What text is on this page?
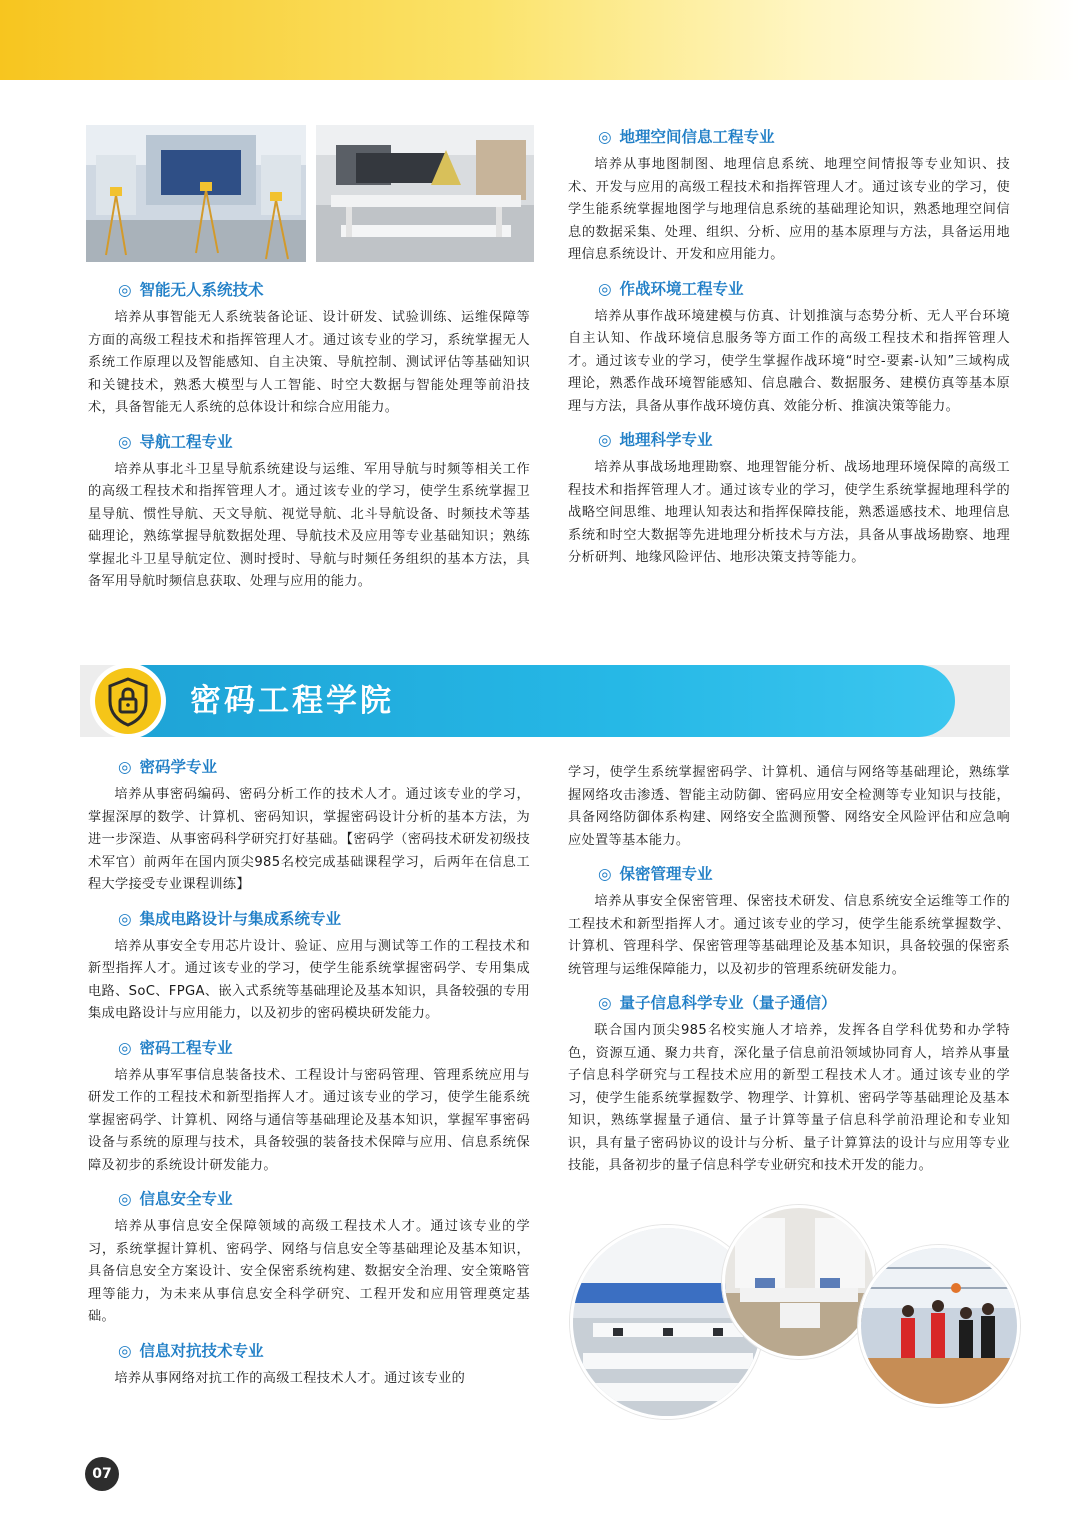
◎ 智能无人系统技术

培养从事智能无人系统装备论证、设计研发、试验训练、运维保障等方面的高级工程技术和指挥管理人才。通过该专业的学习，系统掌握无人系统工作原理以及智能感知、自主决策、导航控制、测试评估等基础知识和关键技术，熟悉大模型与人工智能、时空大数据与智能处理等前沿技术，具备智能无人系统的总体设计和综合应用能力。

◎ 导航工程专业

培养从事北斗卫星导航系统建设与运维、军用导航与时频等相关工作的高级工程技术和指挥管理人才。通过该专业的学习，使学生系统掌握卫星导航、惯性导航、天文导航、视觉导航、北斗导航设备、时频技术等基础理论，熟练掌握导航数据处理、导航技术及应用等专业基础知识；熟练掌握北斗卫星导航定位、测时授时、导航与时频任务组织的基本方法，具备军用导航时频信息获取、处理与应用的能力。

◎ 地理空间信息工程专业

培养从事地图制图、地理信息系统、地理空间情报等专业知识、技术、开发与应用的高级工程技术和指挥管理人才。通过该专业的学习，使学生能系统掌握地图学与地理信息系统的基础理论知识，熟悉地理空间信息的数据采集、处理、组织、分析、应用的基本原理与方法，具备运用地理信息系统设计、开发和应用能力。

◎ 作战环境工程专业

培养从事作战环境建模与仿真、计划推演与态势分析、无人平台环境自主认知、作战环境信息服务等方面工作的高级工程技术和指挥管理人才。通过该专业的学习，使学生掌握作战环境“时空-要素-认知”三域构成理论，熟悉作战环境智能感知、信息融合、数据服务、建模仿真等基本原理与方法，具备从事作战环境仿真、效能分析、推演决策等能力。

◎ 地理科学专业

培养从事战场地理勘察、地理智能分析、战场地理环境保障的高级工程技术和指挥管理人才。通过该专业的学习，使学生系统掌握地理科学的战略空间思维、地理认知表达和指挥保障技能，熟悉遥感技术、地理信息系统和时空大数据等先进地理分析技术与方法，具备从事战场勘察、地理分析研判、地缘风险评估、地形决策支持等能力。

密码工程学院
◎ 密码学专业

培养从事密码编码、密码分析工作的技术人才。通过该专业的学习，掌握深厚的数学、计算机、密码知识，掌握密码设计分析的基本方法，为进一步深造、从事密码科学研究打好基础。【密码学（密码技术研发初级技术军官）前两年在国内顶尖985名校完成基础课程学习，后两年在信息工程大学接受专业课程训练】

◎ 集成电路设计与集成系统专业

培养从事安全专用芯片设计、验证、应用与测试等工作的工程技术和新型指挥人才。通过该专业的学习，使学生能系统掌握密码学、专用集成电路、SoC、FPGA、嵌入式系统等基础理论及基本知识，具备较强的专用集成电路设计与应用能力，以及初步的密码模块研发能力。

◎ 密码工程专业

培养从事军事信息装备技术、工程设计与密码管理、管理系统应用与研发工作的工程技术和新型指挥人才。通过该专业的学习，使学生能系统掌握密码学、计算机、网络与通信等基础理论及基本知识，掌握军事密码设备与系统的原理与技术，具备较强的装备技术保障与应用、信息系统保障及初步的系统设计研发能力。

◎ 信息安全专业

培养从事信息安全保障领域的高级工程技术人才。通过该专业的学习，系统掌握计算机、密码学、网络与信息安全等基础理论及基本知识，具备信息安全方案设计、安全保密系统构建、数据安全治理、安全策略管理等能力，为未来从事信息安全科学研究、工程开发和应用管理奠定基础。

◎ 信息对抗技术专业

培养从事网络对抗工作的高级工程技术人才。通过该专业的

学习，使学生系统掌握密码学、计算机、通信与网络等基础理论，熟练掌握网络攻击渗透、智能主动防御、密码应用安全检测等专业知识与技能，具备网络防御体系构建、网络安全监测预警、网络安全风险评估和应急响应处置等基本能力。

◎ 保密管理专业

培养从事安全保密管理、保密技术研发、信息系统安全运维等工作的工程技术和新型指挥人才。通过该专业的学习，使学生能系统掌握数学、计算机、管理科学、保密管理等基础理论及基本知识，具备较强的保密系统管理与运维保障能力，以及初步的管理系统研发能力。

◎ 量子信息科学专业（量子通信）

联合国内顶尖985名校实施人才培养，发挥各自学科优势和办学特色，资源互通、聚力共育，深化量子信息前沿领域协同育人，培养从事量子信息科学研究与工程技术应用的新型工程技术人才。通过该专业的学习，使学生能系统掌握数学、物理学、计算机、密码学等基础理论及基本知识，熟练掌握量子通信、量子计算等量子信息科学前沿理论和专业知识，具有量子密码协议的设计与分析、量子计算算法的设计与应用等专业技能，具备初步的量子信息科学专业研究和技术开发的能力。

07
